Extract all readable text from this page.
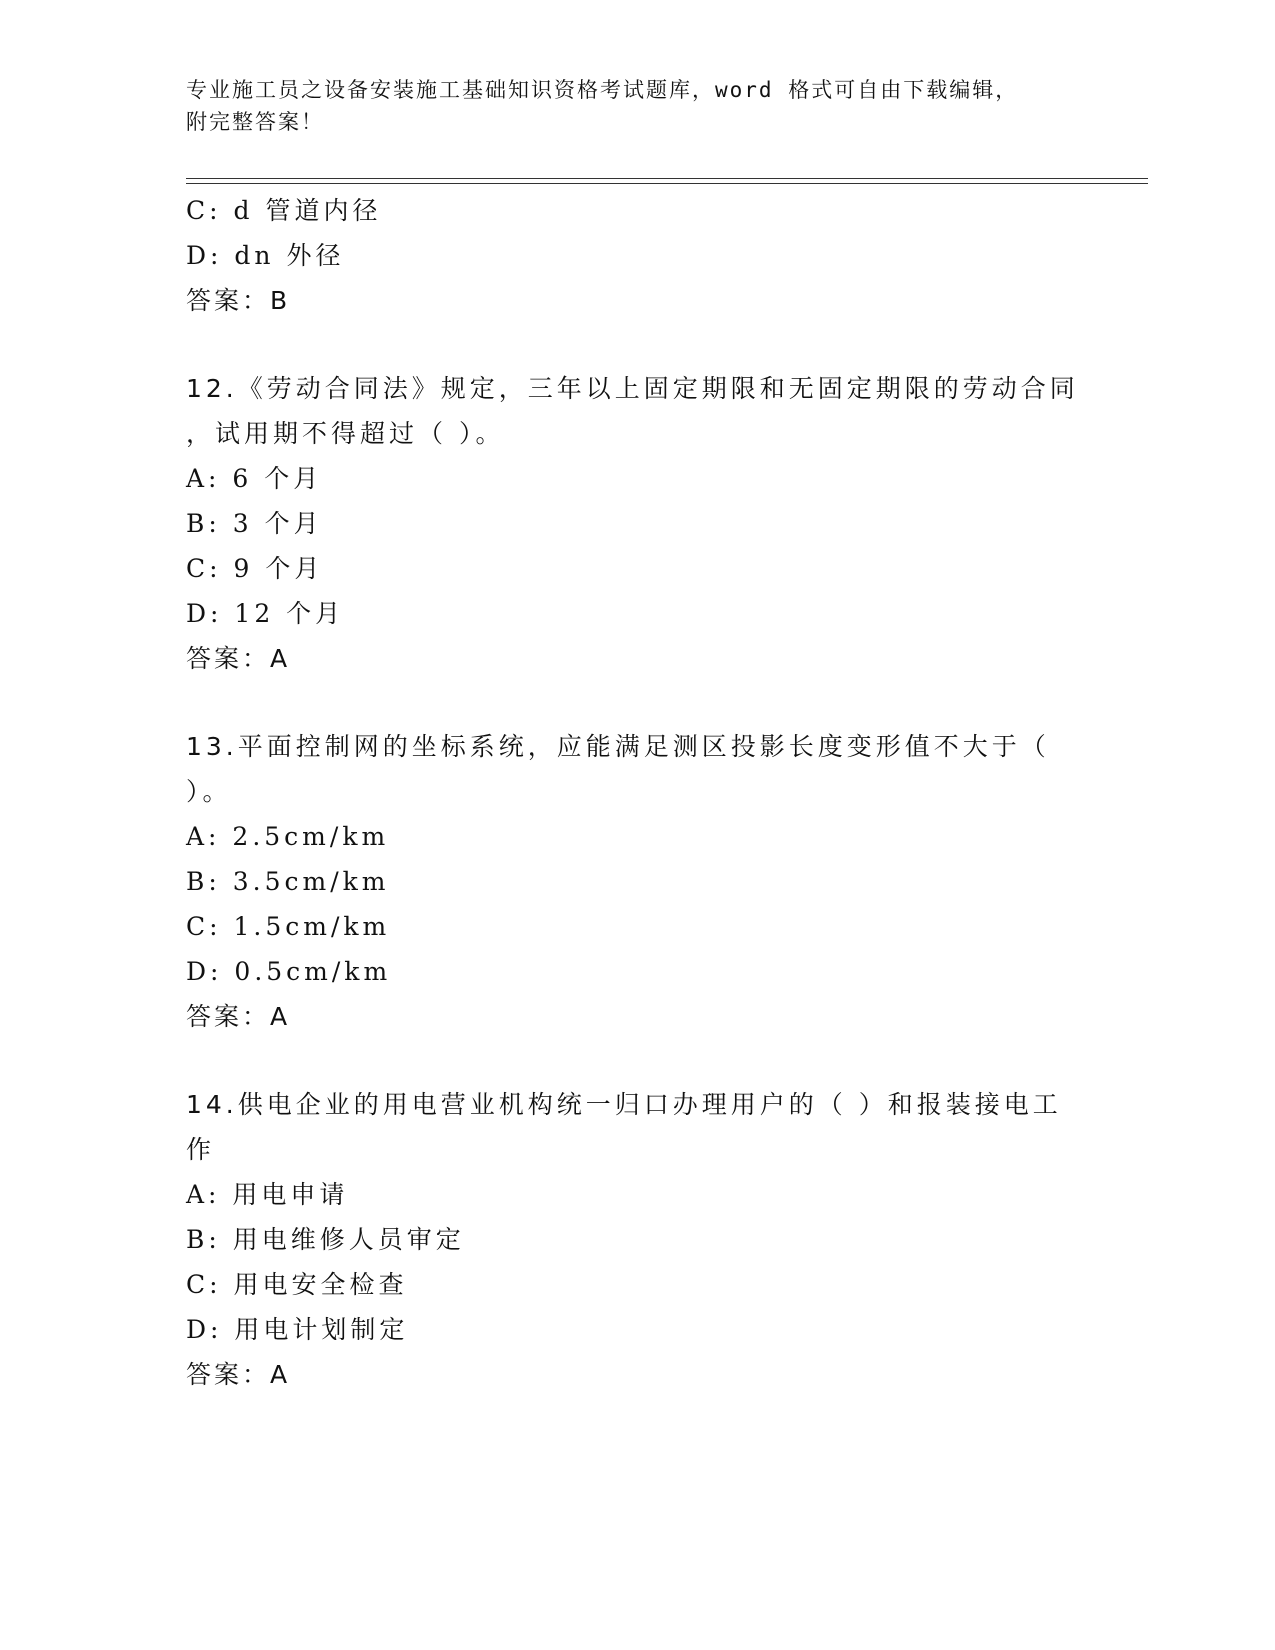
专业施工员之设备安装施工基础知识资格考试题库，word 格式可自由下载编辑，
附完整答案！
C: d 管道内径
D: dn 外径
答案：B
12.《劳动合同法》规定，三年以上固定期限和无固定期限的劳动合同
，试用期不得超过（ ）。
A: 6 个月
B: 3 个月
C: 9 个月
D: 12 个月
答案：A
13.平面控制网的坐标系统，应能满足测区投影长度变形值不大于（
）。
A: 2.5cm/km
B: 3.5cm/km
C: 1.5cm/km
D: 0.5cm/km
答案：A
14.供电企业的用电营业机构统一归口办理用户的（ ）和报装接电工
作
A: 用电申请
B: 用电维修人员审定
C: 用电安全检查
D: 用电计划制定
答案：A
